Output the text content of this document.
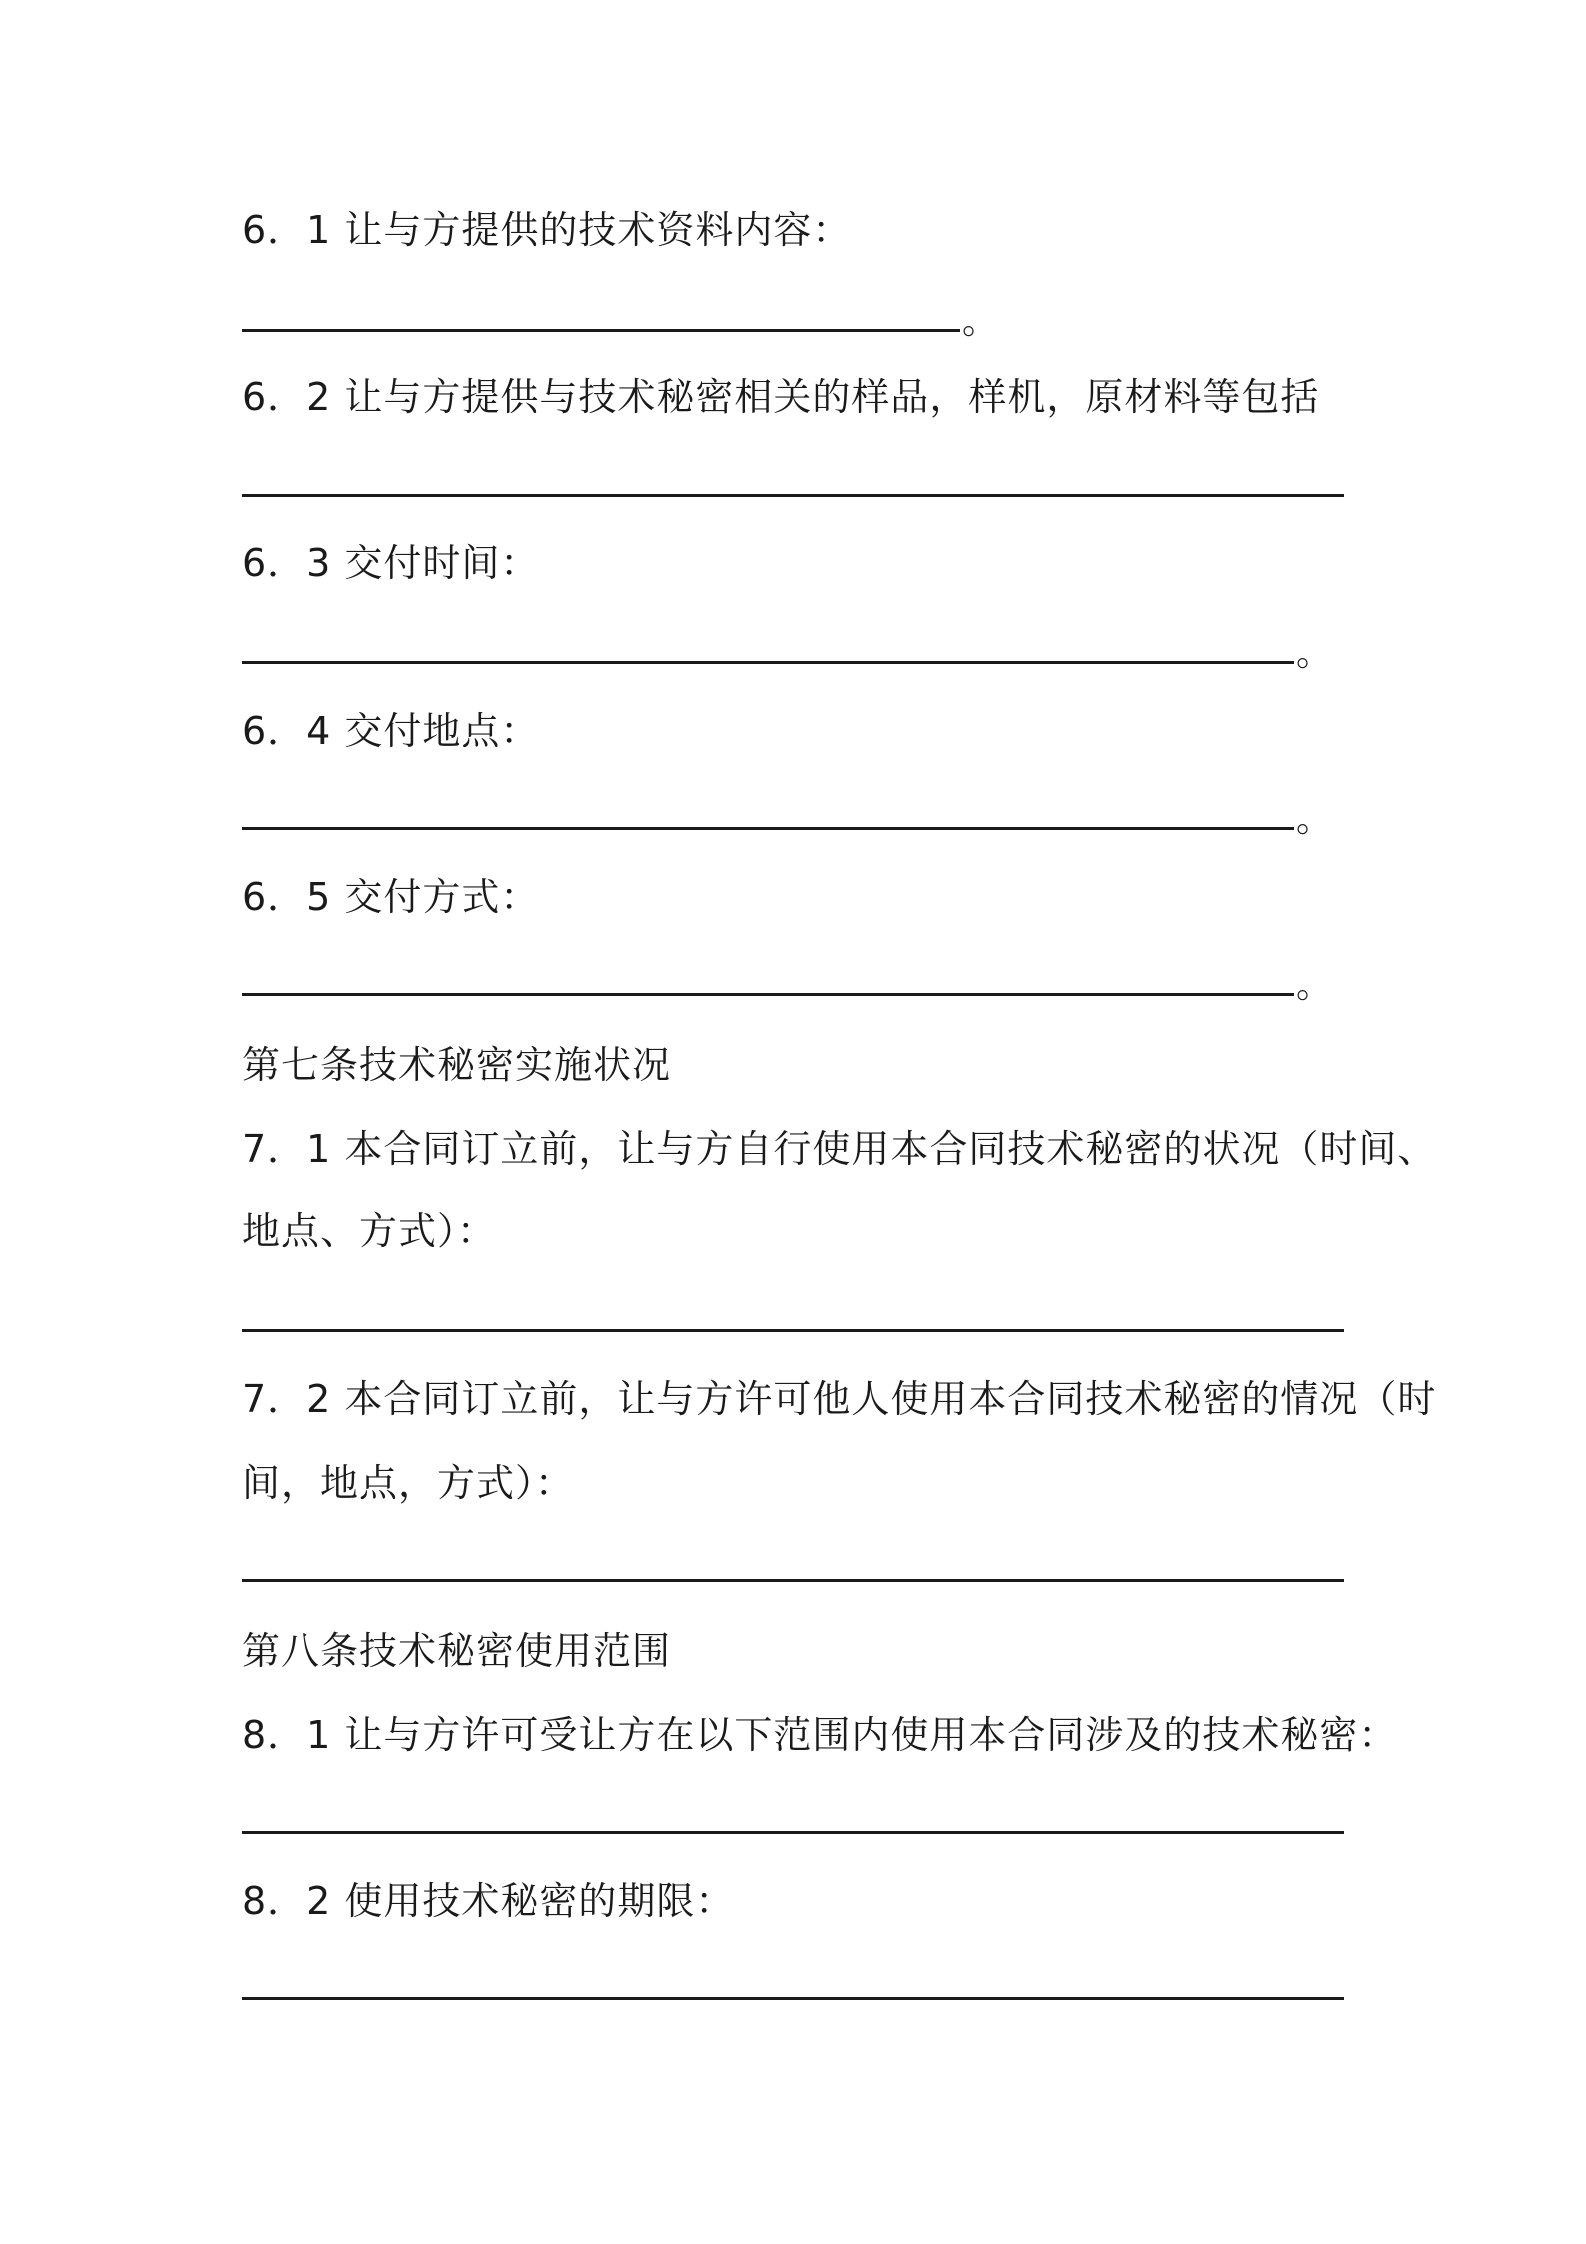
6．1 让与方提供的技术资料内容：
。
6．2 让与方提供与技术秘密相关的样品，样机，原材料等包括
6．3 交付时间：
。
6．4 交付地点：
。
6．5 交付方式：
。
第七条技术秘密实施状况
7．1 本合同订立前，让与方自行使用本合同技术秘密的状况（时间、
地点、方式）：
7．2 本合同订立前，让与方许可他人使用本合同技术秘密的情况（时
间，地点，方式）：
第八条技术秘密使用范围
8．1 让与方许可受让方在以下范围内使用本合同涉及的技术秘密：
8．2 使用技术秘密的期限：
